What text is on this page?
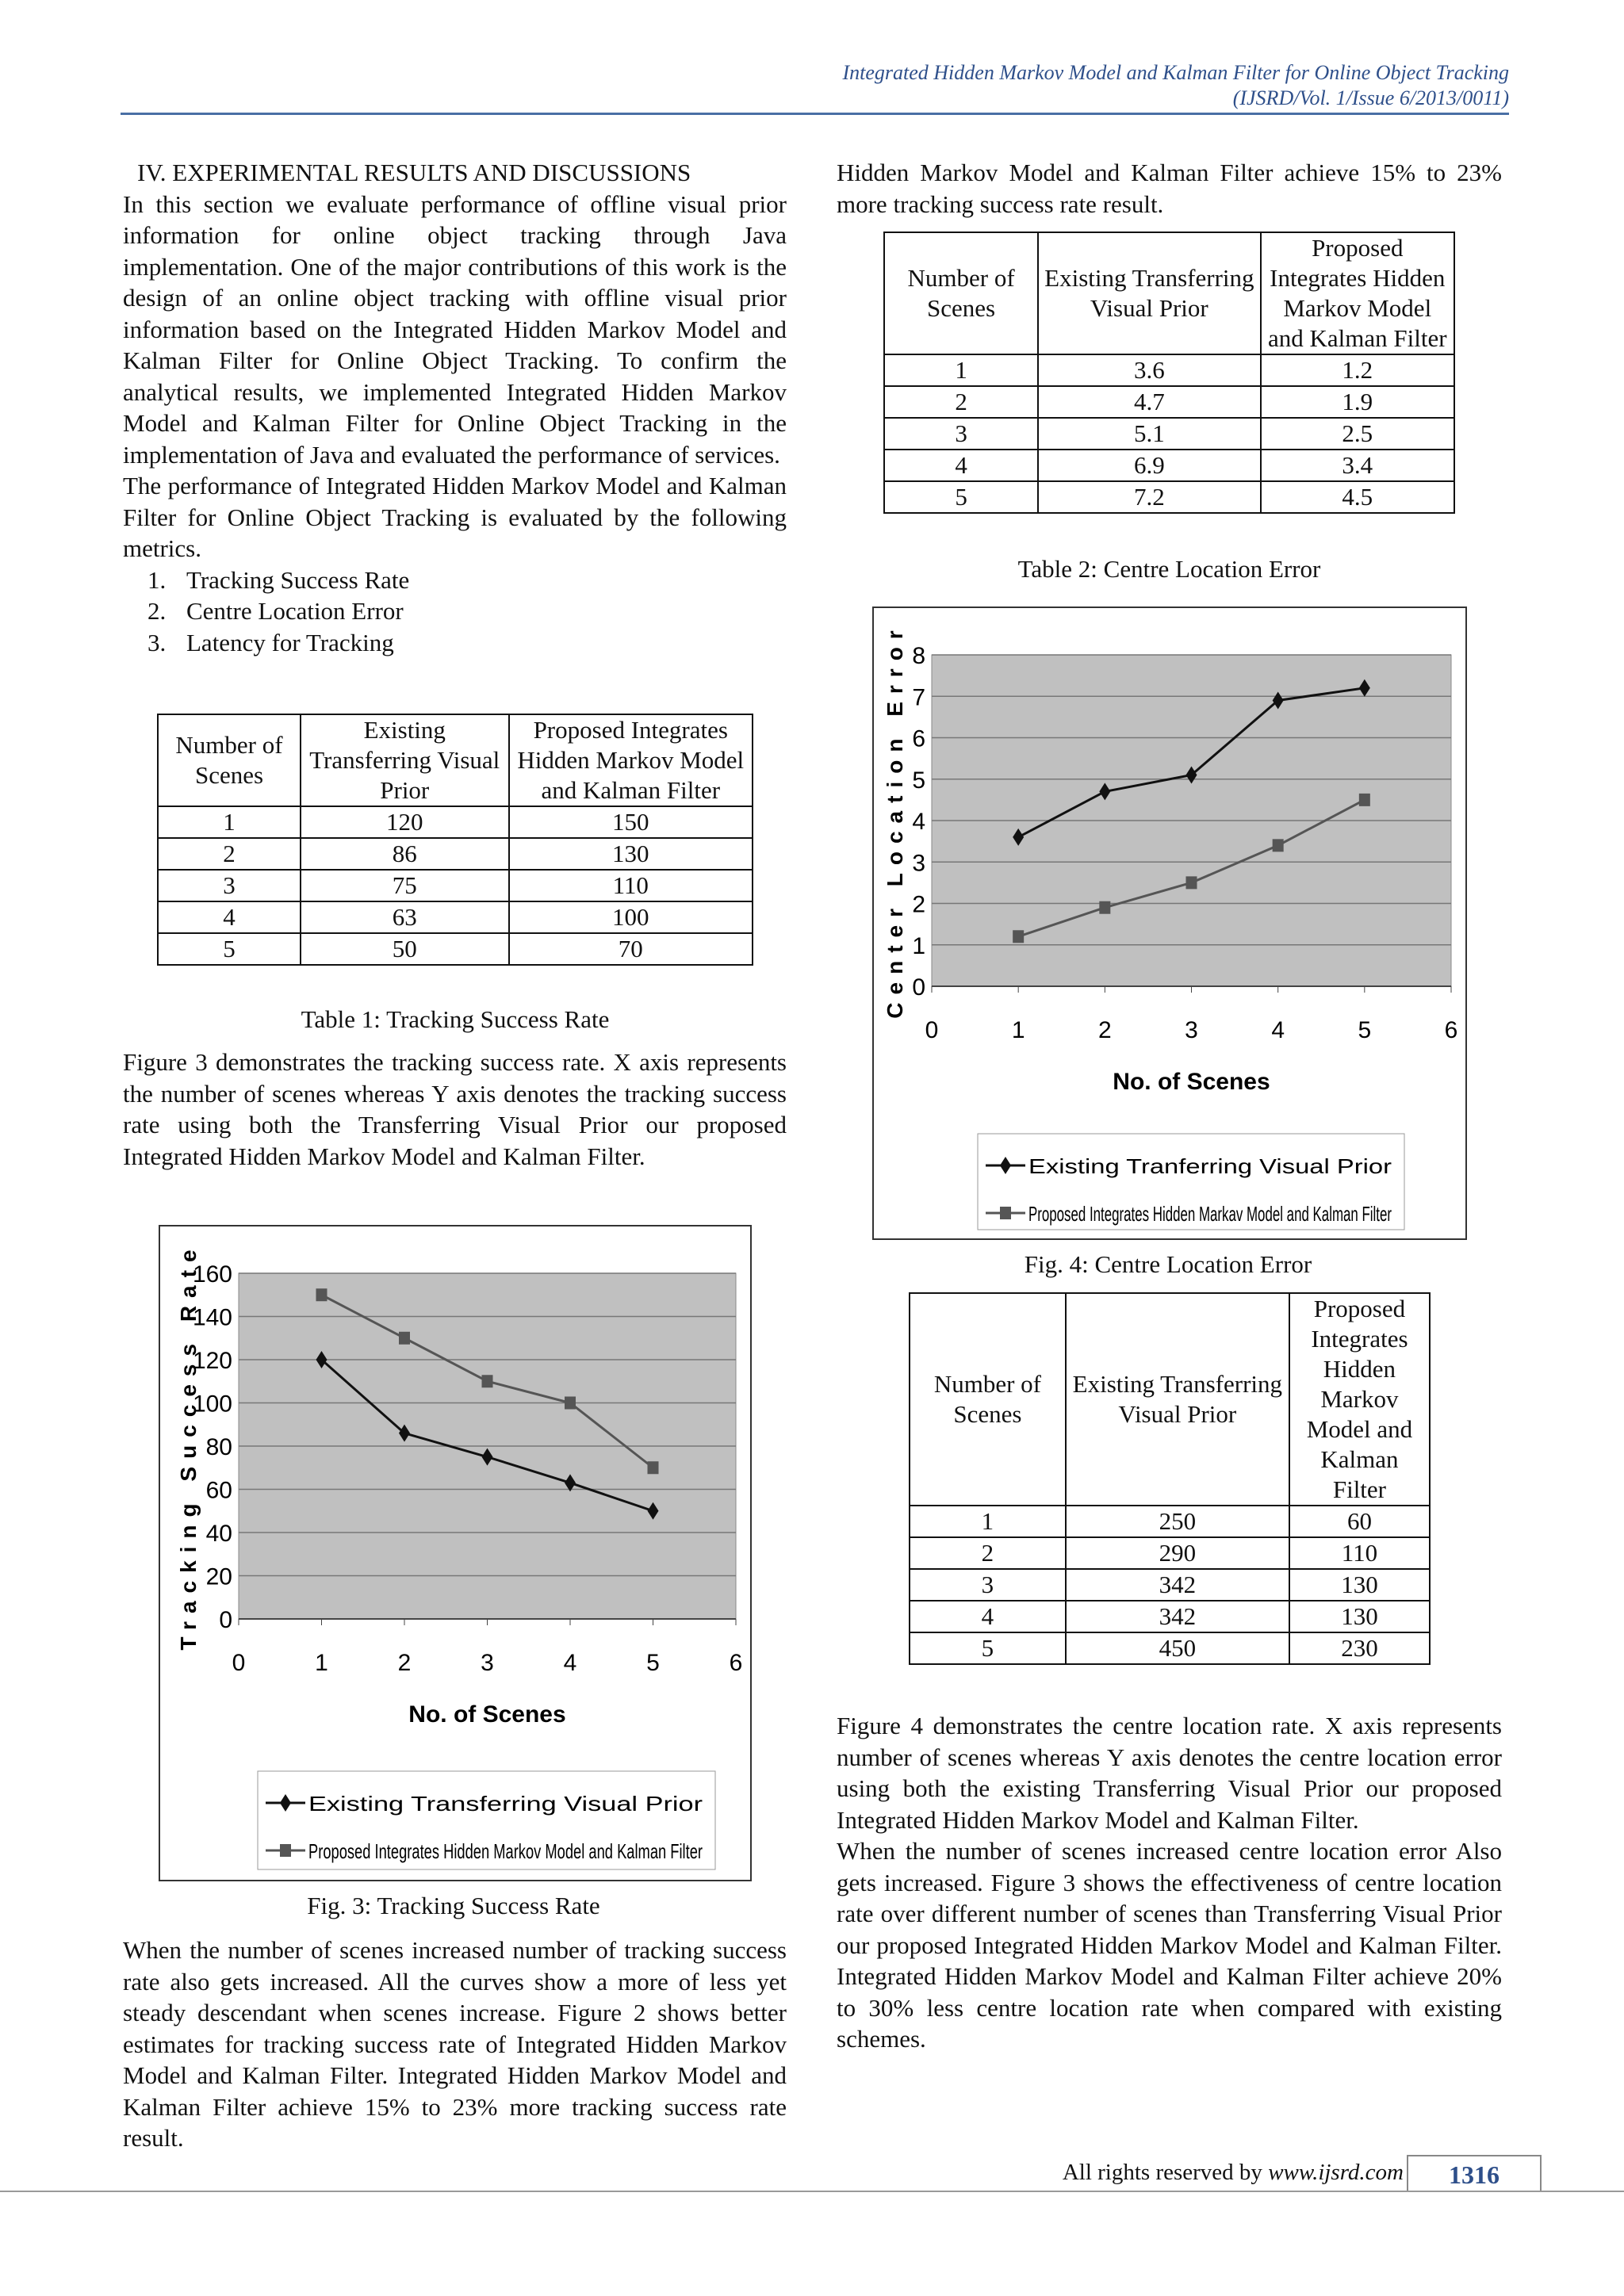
Integrated Hidden Markov Model and Kalman Filter for Online Object Tracking
(IJSRD/Vol. 1/Issue 6/2013/0011)
IV. EXPERIMENTAL RESULTS AND DISCUSSIONS

In this section we evaluate performance of offline visual prior information for online object tracking through Java implementation. One of the major contributions of this work is the design of an online object tracking with offline visual prior information based on the Integrated Hidden Markov Model and Kalman Filter for Online Object Tracking. To confirm the analytical results, we implemented Integrated Hidden Markov Model and Kalman Filter for Online Object Tracking in the implementation of Java and evaluated the performance of services.

The performance of Integrated Hidden Markov Model and Kalman Filter for Online Object Tracking is evaluated by the following metrics.

1. Tracking Success Rate
2. Centre Location Error
3. Latency for Tracking
Number of Scenes	Existing Transferring Visual Prior	Proposed Integrates Hidden Markov Model and Kalman Filter
1	120	150
2	86	130
3	75	110
4	63	100
5	50	70
Table 1: Tracking Success Rate

Figure 3 demonstrates the tracking success rate. X axis represents the number of scenes whereas Y axis denotes the tracking success rate using both the Transferring Visual Prior our proposed Integrated Hidden Markov Model and Kalman Filter.

0
20
40
60
80
100
120
140
160
0	1	2	3	4	5	6
No. of Scenes
Tracking Success Rate
Existing Transferring Visual Prior
Proposed Integrates Hidden Markov Model and Kalman Filter
Fig. 3: Tracking Success Rate

When the number of scenes increased number of tracking success rate also gets increased. All the curves show a more of less yet steady descendant when scenes increase. Figure 2 shows better estimates for tracking success rate of Integrated Hidden Markov Model and Kalman Filter. Integrated Hidden Markov Model and Kalman Filter achieve 15% to 23% more tracking success rate result.

Hidden Markov Model and Kalman Filter achieve 15% to 23% more tracking success rate result.

Number of Scenes	Existing Transferring Visual Prior	Proposed Integrates Hidden Markov Model and Kalman Filter
1	3.6	1.2
2	4.7	1.9
3	5.1	2.5
4	6.9	3.4
5	7.2	4.5
Table 2: Centre Location Error
0
1
2
3
4
5
6
7
8
0	1	2	3	4	5	6
No. of Scenes
Center Location Error
Existing Tranferring Visual Prior
Proposed Integrates Hidden Markav Model and Kalman Filter
Fig. 4: Centre Location Error
Number of Scenes	Existing Transferring Visual Prior	Proposed Integrates Hidden Markov Model and Kalman Filter
1	250	60
2	290	110
3	342	130
4	342	130
5	450	230

Figure 4 demonstrates the centre location rate. X axis represents number of scenes whereas Y axis denotes the centre location error using both the existing Transferring Visual Prior our proposed Integrated Hidden Markov Model and Kalman Filter.

When the number of scenes increased centre location error Also gets increased. Figure 3 shows the effectiveness of centre location rate over different number of scenes than Transferring Visual Prior our proposed Integrated Hidden Markov Model and Kalman Filter. Integrated Hidden Markov Model and Kalman Filter achieve 20% to 30% less centre location rate when compared with existing schemes.

All rights reserved by www.ijsrd.com	1316
